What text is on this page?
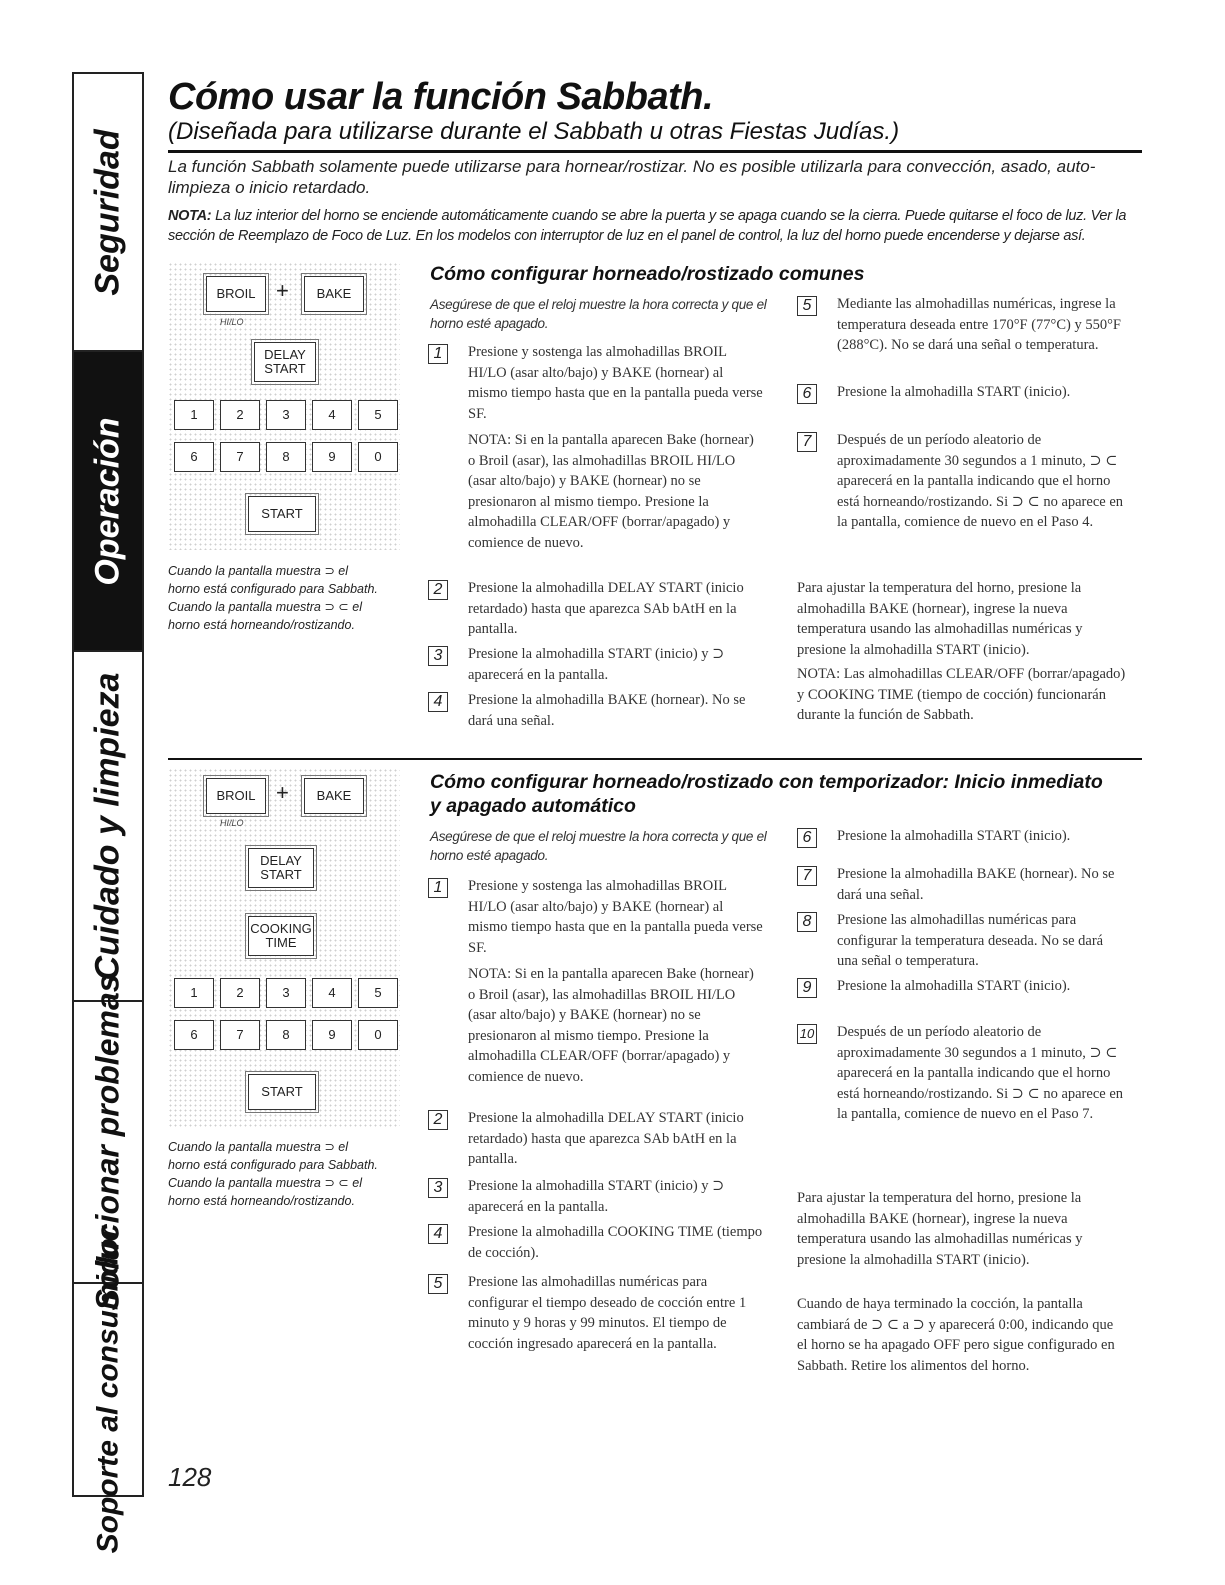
Seguridad
Operación
Cuidado y limpieza
Solucionar problemas
Soporte al consumidor
Cómo usar la función Sabbath.
(Diseñada para utilizarse durante el Sabbath u otras Fiestas Judías.)
La función Sabbath solamente puede utilizarse para hornear/rostizar. No es posible utilizarla para convección, asado, auto-limpieza o inicio retardado.
NOTA: La luz interior del horno se enciende automáticamente cuando se abre la puerta y se apaga cuando se la cierra. Puede quitarse el foco de luz. Ver la sección de Reemplazo de Foco de Luz. En los modelos con interruptor de luz en el panel de control, la luz del horno puede encenderse y dejarse así.
BROIL +	BAKE
HI/LO
DELAY START
1	2	3	4	5
6	7	8	9	0
START
Cuando la pantalla muestra ⊃ el horno está configurado para Sabbath. Cuando la pantalla muestra ⊃ ⊂ el horno está horneando/rostizando.
Cómo configurar horneado/rostizado comunes
Asegúrese de que el reloj muestre la hora correcta y que el horno esté apagado.
1	Presione y sostenga las almohadillas BROIL HI/LO (asar alto/bajo) y BAKE (hornear) al mismo tiempo hasta que en la pantalla pueda verse SF.
NOTA: Si en la pantalla aparecen Bake (hornear) o Broil (asar), las almohadillas BROIL HI/LO (asar alto/bajo) y BAKE (hornear) no se presionaron al mismo tiempo. Presione la almohadilla CLEAR/OFF (borrar/apagado) y comience de nuevo.
2	Presione la almohadilla DELAY START (inicio retardado) hasta que aparezca SAb bAtH en la pantalla.
3	Presione la almohadilla START (inicio) y ⊃ aparecerá en la pantalla.
4	Presione la almohadilla BAKE (hornear). No se dará una señal.
5	Mediante las almohadillas numéricas, ingrese la temperatura deseada entre 170°F (77°C) y 550°F (288°C). No se dará una señal o temperatura.
6	Presione la almohadilla START (inicio).
7	Después de un período aleatorio de aproximadamente 30 segundos a 1 minuto, ⊃ ⊂ aparecerá en la pantalla indicando que el horno está horneando/rostizando. Si ⊃ ⊂ no aparece en la pantalla, comience de nuevo en el Paso 4.
Para ajustar la temperatura del horno, presione la almohadilla BAKE (hornear), ingrese la nueva temperatura usando las almohadillas numéricas y presione la almohadilla START (inicio).
NOTA: Las almohadillas CLEAR/OFF (borrar/apagado) y COOKING TIME (tiempo de cocción) funcionarán durante la función de Sabbath.
BROIL +	BAKE
HI/LO
DELAY START
COOKING TIME
1	2	3	4	5
6	7	8	9	0
START
Cuando la pantalla muestra ⊃ el horno está configurado para Sabbath. Cuando la pantalla muestra ⊃ ⊂ el horno está horneando/rostizando.
Cómo configurar horneado/rostizado con temporizador: Inicio inmediato
y apagado automático
Asegúrese de que el reloj muestre la hora correcta y que el horno esté apagado.
1	Presione y sostenga las almohadillas BROIL HI/LO (asar alto/bajo) y BAKE (hornear) al mismo tiempo hasta que en la pantalla pueda verse SF.
NOTA: Si en la pantalla aparecen Bake (hornear) o Broil (asar), las almohadillas BROIL HI/LO (asar alto/bajo) y BAKE (hornear) no se presionaron al mismo tiempo. Presione la almohadilla CLEAR/OFF (borrar/apagado) y comience de nuevo.
2	Presione la almohadilla DELAY START (inicio retardado) hasta que aparezca SAb bAtH en la pantalla.
3	Presione la almohadilla START (inicio) y ⊃ aparecerá en la pantalla.
4	Presione la almohadilla COOKING TIME (tiempo de cocción).
5	Presione las almohadillas numéricas para configurar el tiempo deseado de cocción entre 1 minuto y 9 horas y 99 minutos. El tiempo de cocción ingresado aparecerá en la pantalla.
6	Presione la almohadilla START (inicio).
7	Presione la almohadilla BAKE (hornear). No se dará una señal.
8	Presione las almohadillas numéricas para configurar la temperatura deseada. No se dará una señal o temperatura.
9	Presione la almohadilla START (inicio).
10 Después de un período aleatorio de aproximadamente 30 segundos a 1 minuto, ⊃ ⊂ aparecerá en la pantalla indicando que el horno está horneando/rostizando. Si ⊃ ⊂ no aparece en la pantalla, comience de nuevo en el Paso 7.
Para ajustar la temperatura del horno, presione la almohadilla BAKE (hornear), ingrese la nueva temperatura usando las almohadillas numéricas y presione la almohadilla START (inicio).
Cuando de haya terminado la cocción, la pantalla cambiará de ⊃ ⊂ a ⊃ y aparecerá 0:00, indicando que el horno se ha apagado OFF pero sigue configurado en Sabbath. Retire los alimentos del horno.
128
